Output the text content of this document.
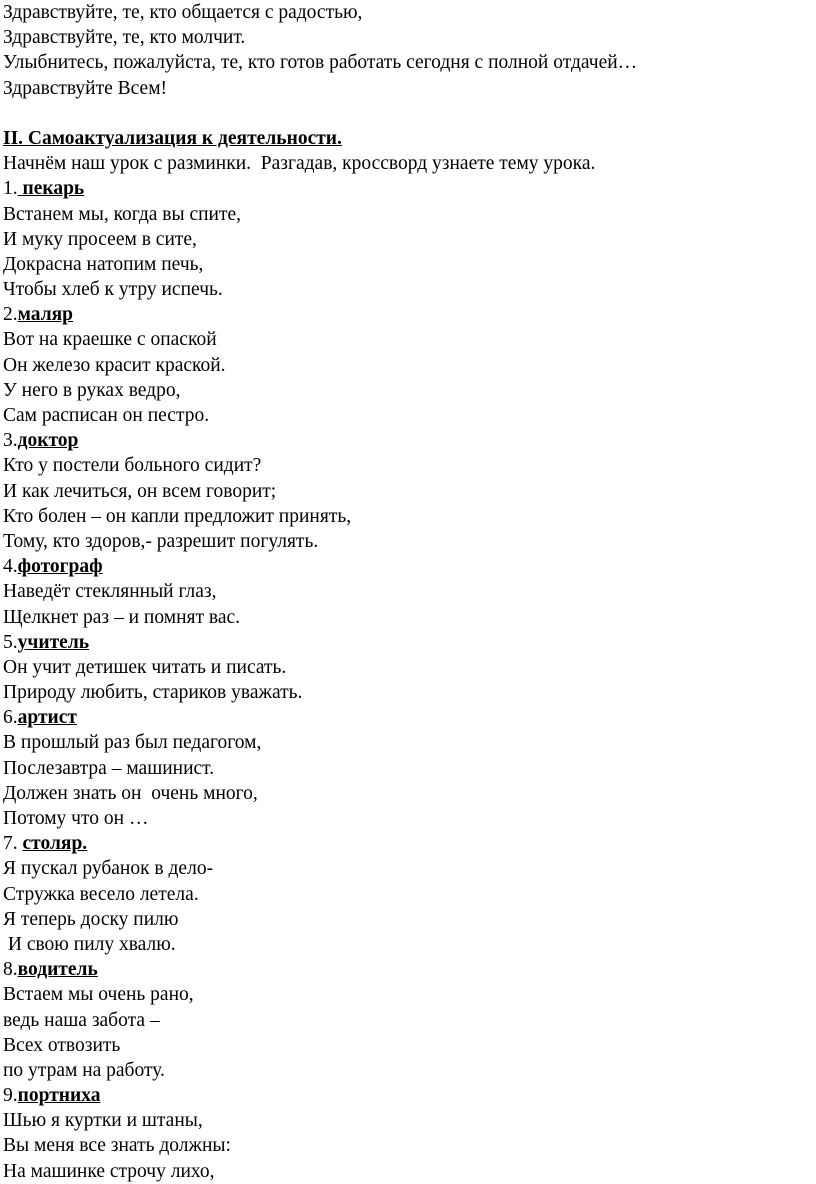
Здравствуйте, те, кто общается с радостью,
Здравствуйте, те, кто молчит.
Улыбнитесь, пожалуйста, те, кто готов работать сегодня с полной отдачей…
Здравствуйте Всем!
II. Самоактуализация к деятельности.
Начнём наш урок с разминки.  Разгадав, кроссворд узнаете тему урока.
1. пекарь
Встанем мы, когда вы спите,
И муку просеем в сите,
Докрасна натопим печь,
Чтобы хлеб к утру испечь.
2.маляр
Вот на краешке с опаской
Он железо красит краской.
У него в руках ведро,
Сам расписан он пестро.
3.доктор
Кто у постели больного сидит?
И как лечиться, он всем говорит;
Кто болен – он капли предложит принять,
Тому, кто здоров,- разрешит погулять.
4.фотограф
Наведёт стеклянный глаз,
Щелкнет раз – и помнят вас.
5.учитель
Он учит детишек читать и писать.
Природу любить, стариков уважать.
6.артист
В прошлый раз был педагогом,
Послезавтра – машинист.
Должен знать он  очень много,
Потому что он …
7. столяр.
Я пускал рубанок в дело-
Стружка весело летела.
Я теперь доску пилю
И свою пилу хвалю.
8.водитель
Встаем мы очень рано,
ведь наша забота –
Всех отвозить
по утрам на работу.
9.портниха
Шью я куртки и штаны,
Вы меня все знать должны:
На машинке строчу лихо,
